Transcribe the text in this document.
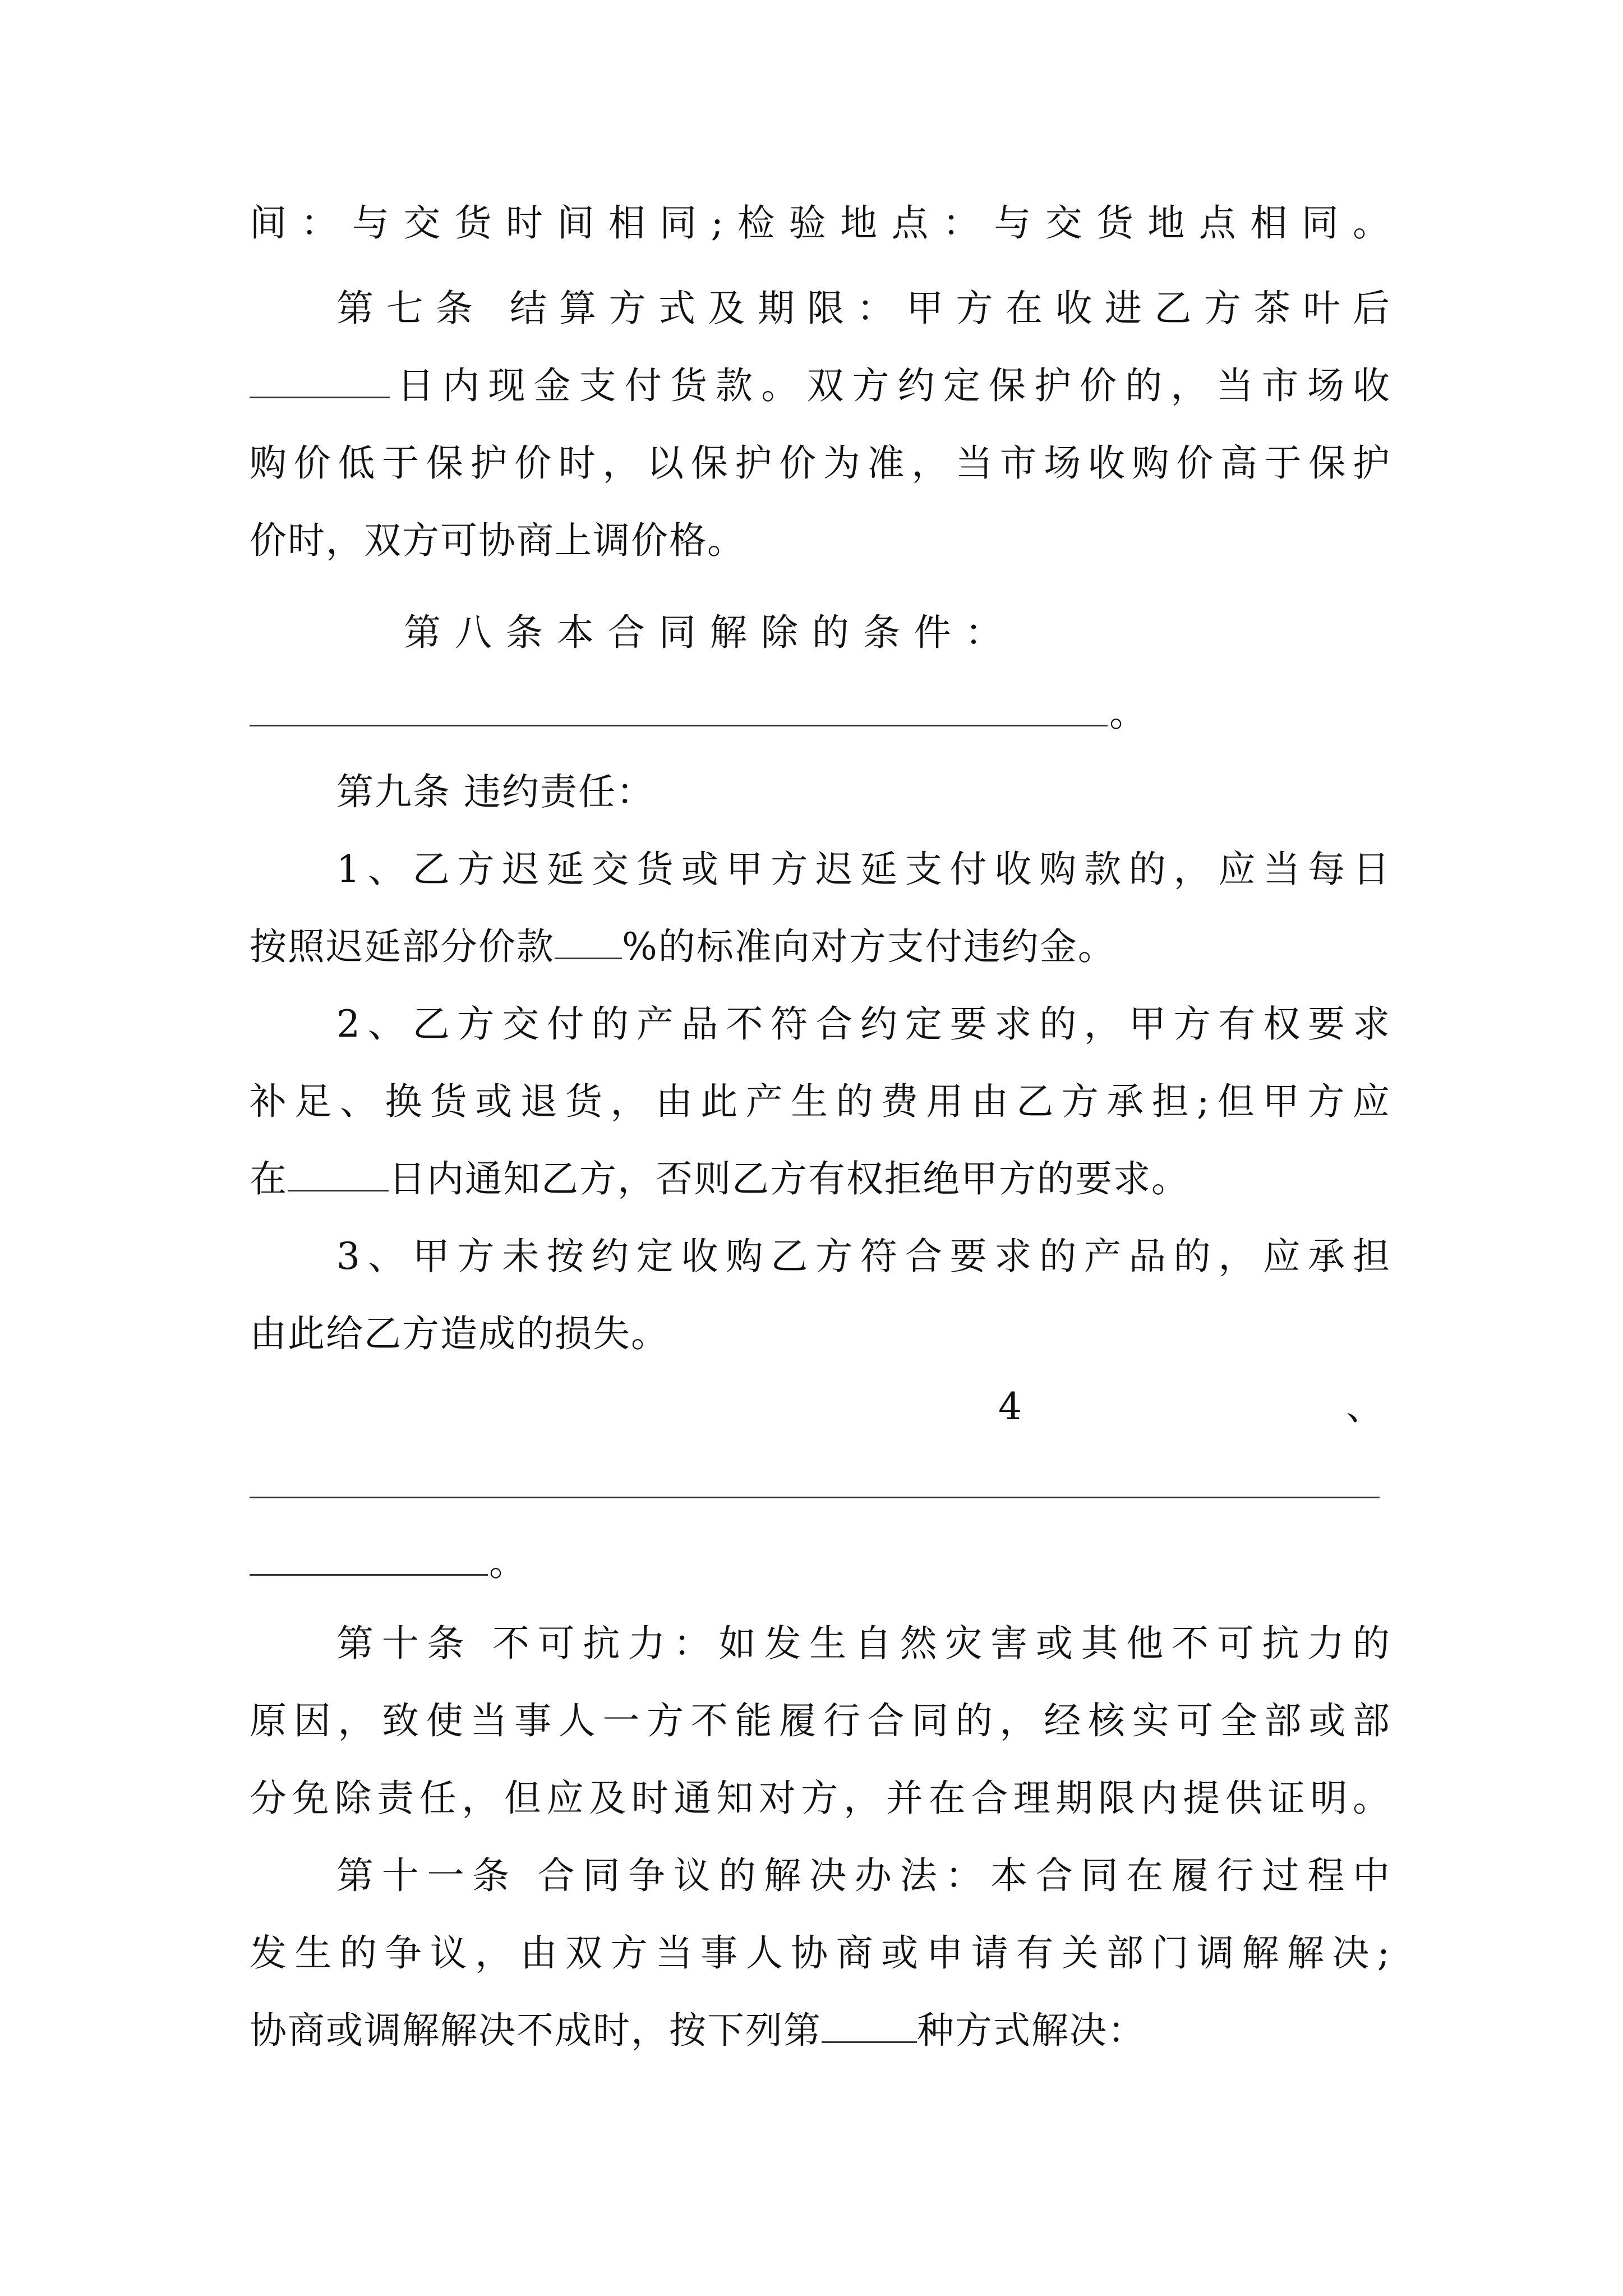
间：与交货时间相同;检验地点：与交货地点相同。
第七条 结算方式及期限：甲方在收进乙方茶叶后
日内现金支付货款。双方约定保护价的，当市场收
购价低于保护价时，以保护价为准，当市场收购价高于保护
价时，双方可协商上调价格。
第 八 条 本 合 同 解 除 的 条 件 ：
。
第九条 违约责任：
1、乙方迟延交货或甲方迟延支付收购款的，应当每日
按照迟延部分价款 %的标准向对方支付违约金。
2、乙方交付的产品不符合约定要求的，甲方有权要求
补足、换货或退货，由此产生的费用由乙方承担;但甲方应
在	日内通知乙方，否则乙方有权拒绝甲方的要求。
3、甲方未按约定收购乙方符合要求的产品的，应承担
由此给乙方造成的损失。
4	、
。
第十条 不可抗力：如发生自然灾害或其他不可抗力的
原因，致使当事人一方不能履行合同的，经核实可全部或部
分免除责任，但应及时通知对方，并在合理期限内提供证明。
第十一条 合同争议的解决办法：本合同在履行过程中
发生的争议，由双方当事人协商或申请有关部门调解解决;
协商或调解解决不成时，按下列第	种方式解决：
